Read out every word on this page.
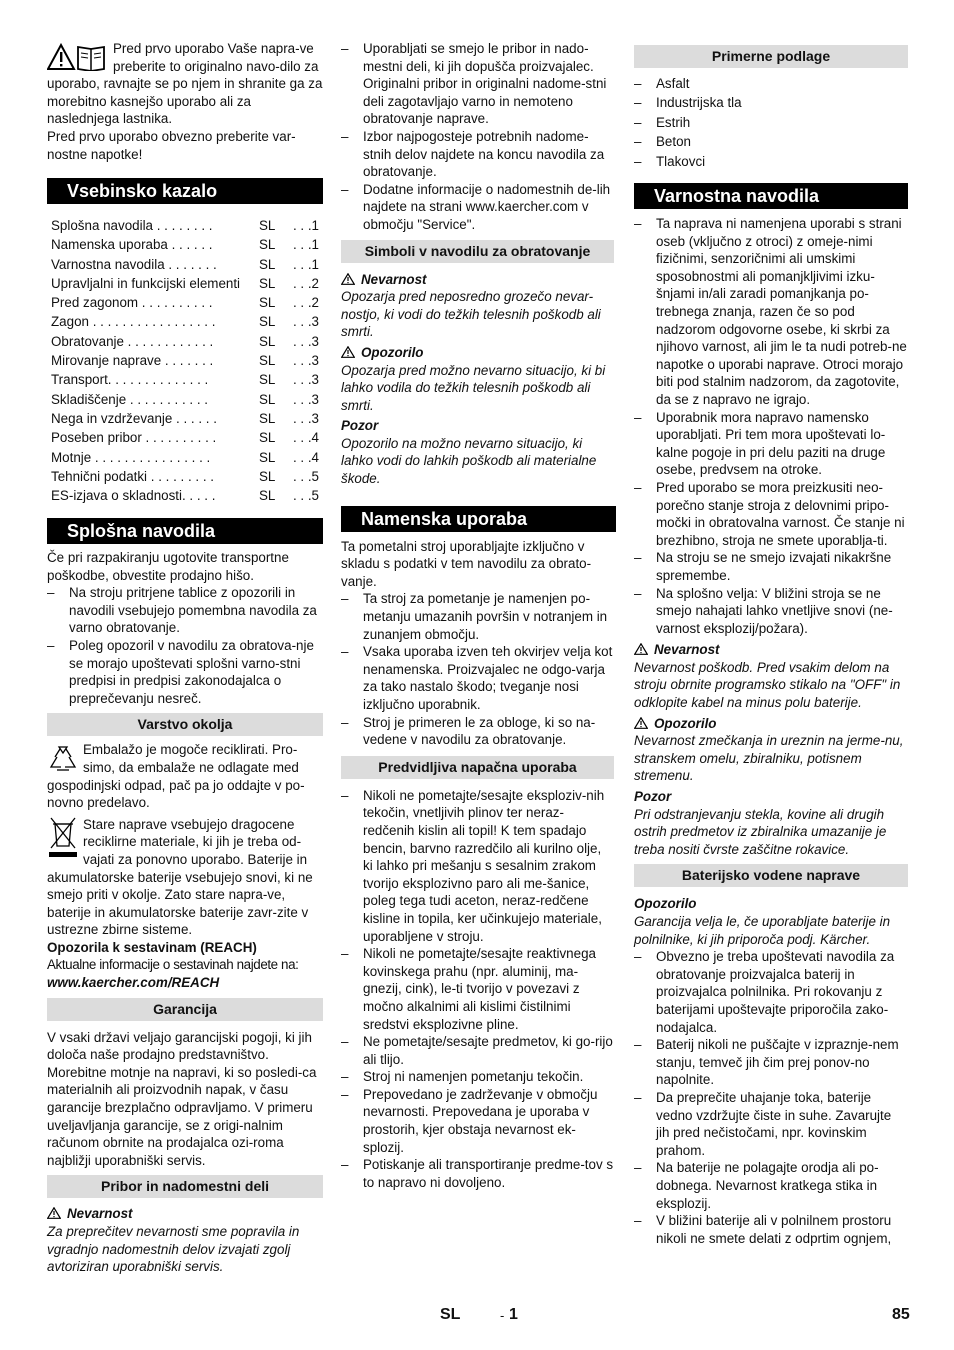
Pred prvo uporabo Vaše napra-ve preberite to originalno navo-dilo za uporabo, ravnajte se po njem in shranite ga za morebitno kasnejšo uporabo ali za naslednjega lastnika.

Pred prvo uporabo obvezno preberite var-nostne napotke!

Vsebinsko kazalo
Splošna navodila . . . . . . . .	SL	. . .1
Namenska uporaba . . . . . .	SL	. . .1
Varnostna navodila . . . . . . .	SL	. . .1
Upravljalni in funkcijski elementi	SL	. . .2
Pred zagonom . . . . . . . . . .	SL	. . .2
Zagon . . . . . . . . . . . . . . . . .	SL	. . .3
Obratovanje . . . . . . . . . . . .	SL	. . .3
Mirovanje naprave . . . . . . .	SL	. . .3
Transport. . . . . . . . . . . . . .	SL	. . .3
Skladiščenje . . . . . . . . . . .	SL	. . .3
Nega in vzdrževanje . . . . . .	SL	. . .3
Poseben pribor . . . . . . . . . .	SL	. . .4
Motnje . . . . . . . . . . . . . . . .	SL	. . .4
Tehnični podatki . . . . . . . . .	SL	. . .5
ES-izjava o skladnosti. . . . .	SL	. . .5
Splošna navodila

Če pri razpakiranju ugotovite transportne poškodbe, obvestite prodajno hišo.

– Na stroju pritrjene tablice z opozorili in navodili vsebujejo pomembna navodila za varno obratovanje.
– Poleg opozoril v navodilu za obratova-nje se morajo upoštevati splošni varno-stni predpisi in predpisi zakonodajalca o preprečevanju nesreč.
Varstvo okolja

Embalažo je mogoče reciklirati. Pro-simo, da embalaže ne odlagate med gospodinjski odpad, pač pa jo oddajte v po-novno predelavo.

Stare naprave vsebujejo dragocene reciklirne materiale, ki jih je treba od-vajati za ponovno uporabo. Baterije in akumulatorske baterije vsebujejo snovi, ki ne smejo priti v okolje. Zato stare napra-ve, baterije in akumulatorske baterije zavr-zite v ustrezne zbirne sisteme.

Opozorila k sestavinam (REACH)

Aktualne informacije o sestavinah najdete na:

www.kaercher.com/REACH

Garancija

V vsaki državi veljajo garancijski pogoji, ki jih določa naše prodajno predstavništvo. Morebitne motnje na napravi, ki so posledi-ca materialnih ali proizvodnih napak, v času garancije brezplačno odpravljamo. V primeru uveljavljanja garancije, se z origi-nalnim računom obrnite na prodajalca ozi-roma najbližji uporabniški servis.

Pribor in nadomestni deli

Nevarnost

Za preprečitev nevarnosti sme popravila in vgradnjo nadomestnih delov izvajati zgolj avtoriziran uporabniški servis.

– Uporabljati se smejo le pribor in nado-mestni deli, ki jih dopušča proizvajalec. Originalni pribor in originalni nadome-stni deli zagotavljajo varno in nemoteno obratovanje naprave.
– Izbor najpogosteje potrebnih nadome-stnih delov najdete na koncu navodila za obratovanje.
– Dodatne informacije o nadomestnih de-lih najdete na strani www.kaercher.com v območju "Service".
Simboli v navodilu za obratovanje

Nevarnost

Opozarja pred neposredno grozečo nevar-nostjo, ki vodi do težkih telesnih poškodb ali smrti.

Opozorilo

Opozarja pred možno nevarno situacijo, ki bi lahko vodila do težkih telesnih poškodb ali smrti.

Pozor

Opozorilo na možno nevarno situacijo, ki lahko vodi do lahkih poškodb ali materialne škode.

Namenska uporaba

Ta pometalni stroj uporabljajte izključno v skladu s podatki v tem navodilu za obrato-vanje.

– Ta stroj za pometanje je namenjen po-metanju umazanih površin v notranjem in zunanjem območju.
– Vsaka uporaba izven teh okvirjev velja kot nenamenska. Proizvajalec ne odgo-varja za tako nastalo škodo; tveganje nosi izključno uporabnik.
– Stroj je primeren le za obloge, ki so na-vedene v navodilu za obratovanje.
Predvidljiva napačna uporaba
– Nikoli ne pometajte/sesajte eksploziv-nih tekočin, vnetljivih plinov ter neraz-redčenih kislin ali topil! K tem spadajo bencin, barvno razredčilo ali kurilno olje, ki lahko pri mešanju s sesalnim zrakom tvorijo eksplozivno paro ali me-šanice, poleg tega tudi aceton, neraz-redčene kisline in topila, ker učinkujejo materiale, uporabljene v stroju.
– Nikoli ne pometajte/sesajte reaktivnega kovinskega prahu (npr. aluminij, ma-gnezij, cink), le-ti tvorijo v povezavi z močno alkalnimi ali kislimi čistilnimi sredstvi eksplozivne pline.
– Ne pometajte/sesajte predmetov, ki go-rijo ali tlijo.
– Stroj ni namenjen pometanju tekočin.
– Prepovedano je zadrževanje v območju nevarnosti. Prepovedana je uporaba v prostorih, kjer obstaja nevarnost ek-splozij.
– Potiskanje ali transportiranje predme-tov s to napravo ni dovoljeno.
Primerne podlage
– Asfalt
– Industrijska tla
– Estrih
– Beton
– Tlakovci
Varnostna navodila
– Ta naprava ni namenjena uporabi s strani oseb (vključno z otroci) z omeje-nimi fizičnimi, senzoričnimi ali umskimi sposobnostmi ali pomanjkljivimi izku-šnjami in/ali zaradi pomanjkanja po-trebnega znanja, razen če so pod nadzorom odgovorne osebe, ki skrbi za njihovo varnost, ali jim le ta nudi potreb-ne napotke o uporabi naprave. Otroci morajo biti pod stalnim nadzorom, da zagotovite, da se z napravo ne igrajo.
– Uporabnik mora napravo namensko uporabljati. Pri tem mora upoštevati lo-kalne pogoje in pri delu paziti na druge osebe, predvsem na otroke.
– Pred uporabo se mora preizkusiti neo-porečno stanje stroja z delovnimi pripo-močki in obratovalna varnost. Če stanje ni brezhibno, stroja ne smete uporablja-ti.
– Na stroju se ne smejo izvajati nikakršne spremembe.
– Na splošno velja: V bližini stroja se ne smejo nahajati lahko vnetljive snovi (ne-varnost eksplozij/požara).

Nevarnost

Nevarnost poškodb. Pred vsakim delom na stroju obrnite programsko stikalo na "OFF" in odklopite kabel na minus polu baterije.

Opozorilo

Nevarnost zmečkanja in ureznin na jerme-nu, stranskem omelu, zbiralniku, potisnem stremenu.

Pozor

Pri odstranjevanju stekla, kovine ali drugih ostrih predmetov iz zbiralnika umazanije je treba nositi čvrste zaščitne rokavice.

Baterijsko vodene naprave

Opozorilo

Garancija velja le, če uporabljate baterije in polnilnike, ki jih priporoča podj. Kärcher.

– Obvezno je treba upoštevati navodila za obratovanje proizvajalca baterij in proizvajalca polnilnika. Pri rokovanju z baterijami upoštevajte priporočila zako-nodajalca.
– Baterij nikoli ne puščajte v izpraznje-nem stanju, temveč jih čim prej ponov-no napolnite.
– Da preprečite uhajanje toka, baterije vedno vzdržujte čiste in suhe. Zavarujte jih pred nečistočami, npr. kovinskim prahom.
– Na baterije ne polagajte orodja ali po-dobnega. Nevarnost kratkega stika in eksplozij.
– V bližini baterije ali v polnilnem prostoru nikoli ne smete delati z odprtim ognjem,
SL	- 1	85
